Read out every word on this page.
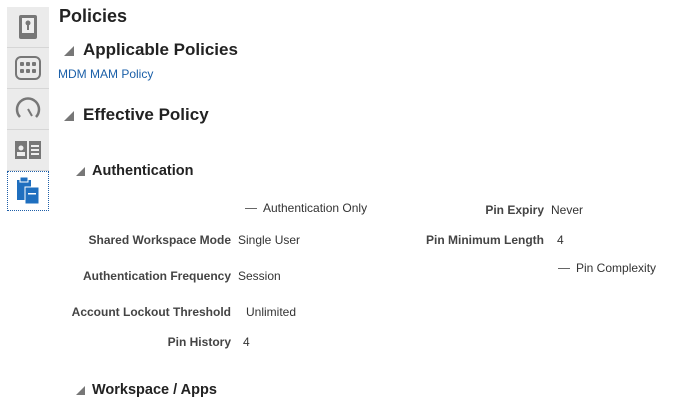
Policies
Applicable Policies
MDM MAM Policy
Effective Policy
Authentication
Authentication Only
Shared Workspace Mode Single User
Authentication Frequency Session
Account Lockout Threshold Unlimited
Pin History 4
Pin Expiry Never
Pin Minimum Length 4
Pin Complexity
Workspace / Apps
